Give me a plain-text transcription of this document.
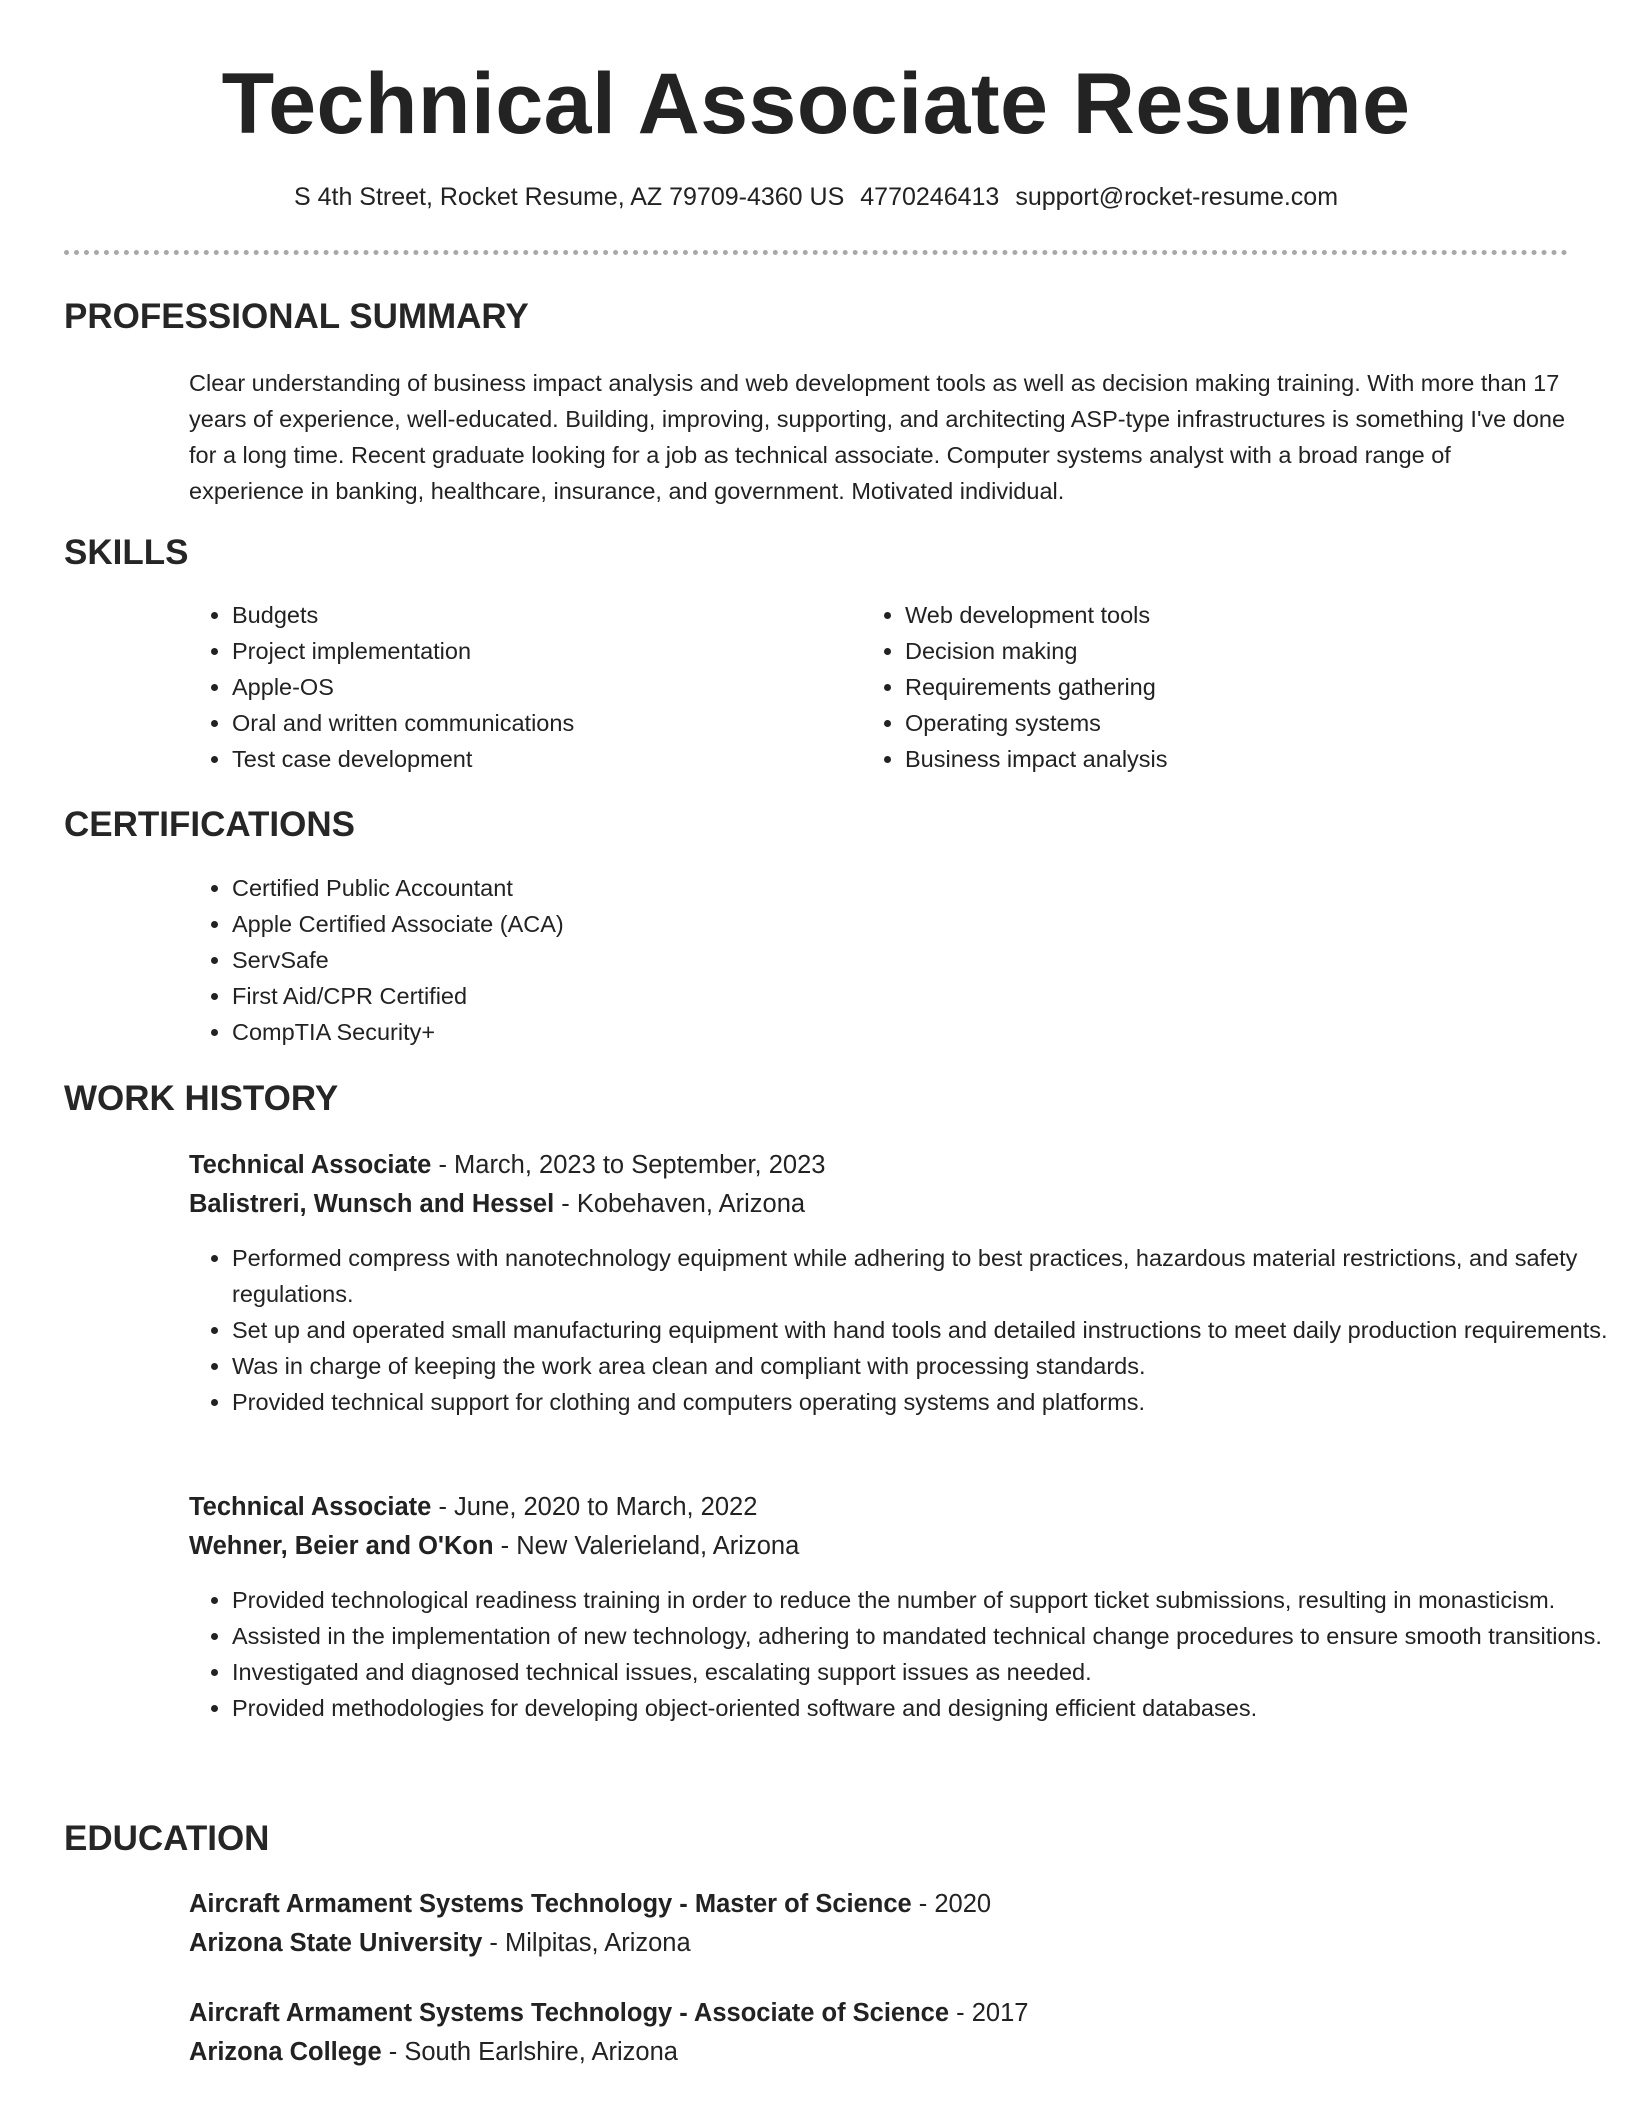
Technical Associate Resume
S 4th Street, Rocket Resume, AZ 79709-4360 US 4770246413 support@rocket-resume.com
PROFESSIONAL SUMMARY

Clear understanding of business impact analysis and web development tools as well as decision making training. With more than 17 years of experience, well-educated. Building, improving, supporting, and architecting ASP-type infrastructures is something I've done for a long time. Recent graduate looking for a job as technical associate. Computer systems analyst with a broad range of experience in banking, healthcare, insurance, and government. Motivated individual.

SKILLS
• Budgets
• Project implementation
• Apple-OS
• Oral and written communications
• Test case development
• Web development tools
• Decision making
• Requirements gathering
• Operating systems
• Business impact analysis
CERTIFICATIONS
• Certified Public Accountant
• Apple Certified Associate (ACA)
• ServSafe
• First Aid/CPR Certified
• CompTIA Security+
WORK HISTORY
Technical Associate - March, 2023 to September, 2023
Balistreri, Wunsch and Hessel - Kobehaven, Arizona
• Performed compress with nanotechnology equipment while adhering to best practices, hazardous material restrictions, and safety regulations.
• Set up and operated small manufacturing equipment with hand tools and detailed instructions to meet daily production requirements.
• Was in charge of keeping the work area clean and compliant with processing standards.
• Provided technical support for clothing and computers operating systems and platforms.
Technical Associate - June, 2020 to March, 2022
Wehner, Beier and O'Kon - New Valerieland, Arizona
• Provided technological readiness training in order to reduce the number of support ticket submissions, resulting in monasticism.
• Assisted in the implementation of new technology, adhering to mandated technical change procedures to ensure smooth transitions.
• Investigated and diagnosed technical issues, escalating support issues as needed.
• Provided methodologies for developing object-oriented software and designing efficient databases.
EDUCATION
Aircraft Armament Systems Technology - Master of Science - 2020
Arizona State University - Milpitas, Arizona
Aircraft Armament Systems Technology - Associate of Science - 2017
Arizona College - South Earlshire, Arizona
